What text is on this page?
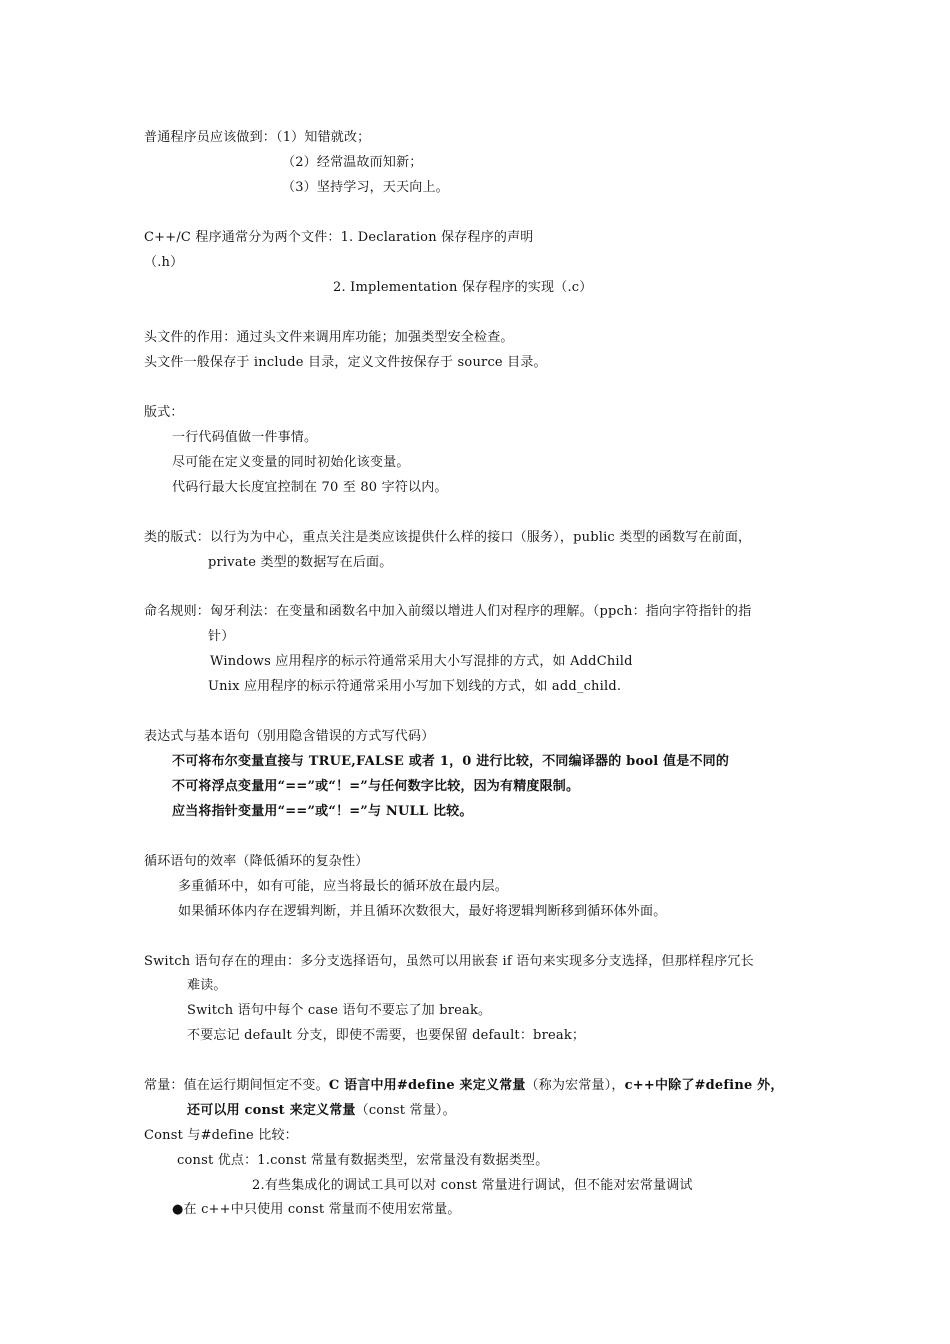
普通程序员应该做到：（1）知错就改；
（2）经常温故而知新；
（3）坚持学习，天天向上。
C++/C 程序通常分为两个文件：1. Declaration 保存程序的声明
（.h）
2. Implementation 保存程序的实现（.c）
头文件的作用：通过头文件来调用库功能；加强类型安全检查。
头文件一般保存于 include 目录，定义文件按保存于 source 目录。
版式：
一行代码值做一件事情。
尽可能在定义变量的同时初始化该变量。
代码行最大长度宜控制在 70 至 80 字符以内。
类的版式：以行为为中心，重点关注是类应该提供什么样的接口（服务），public 类型的函数写在前面，
private 类型的数据写在后面。
命名规则：匈牙利法：在变量和函数名中加入前缀以增进人们对程序的理解。（ppch：指向字符指针的指
针）
Windows 应用程序的标示符通常采用大小写混排的方式，如 AddChild
Unix 应用程序的标示符通常采用小写加下划线的方式，如 add_child.
表达式与基本语句（别用隐含错误的方式写代码）
不可将布尔变量直接与 TRUE,FALSE 或者 1，0 进行比较，不同编译器的 bool 值是不同的
不可将浮点变量用“==”或“！=”与任何数字比较，因为有精度限制。
应当将指针变量用“==”或“！=”与 NULL 比较。
循环语句的效率（降低循环的复杂性）
多重循环中，如有可能，应当将最长的循环放在最内层。
如果循环体内存在逻辑判断，并且循环次数很大，最好将逻辑判断移到循环体外面。
Switch 语句存在的理由：多分支选择语句，虽然可以用嵌套 if 语句来实现多分支选择，但那样程序冗长
难读。
Switch 语句中每个 case 语句不要忘了加 break。
不要忘记 default 分支，即使不需要，也要保留 default：break；
常量：值在运行期间恒定不变。C 语言中用#define 来定义常量（称为宏常量），c++中除了#define 外，
还可以用 const 来定义常量（const 常量）。
Const 与#define 比较：
const 优点：1.const 常量有数据类型，宏常量没有数据类型。
2.有些集成化的调试工具可以对 const 常量进行调试，但不能对宏常量调试
●在 c++中只使用 const 常量而不使用宏常量。
